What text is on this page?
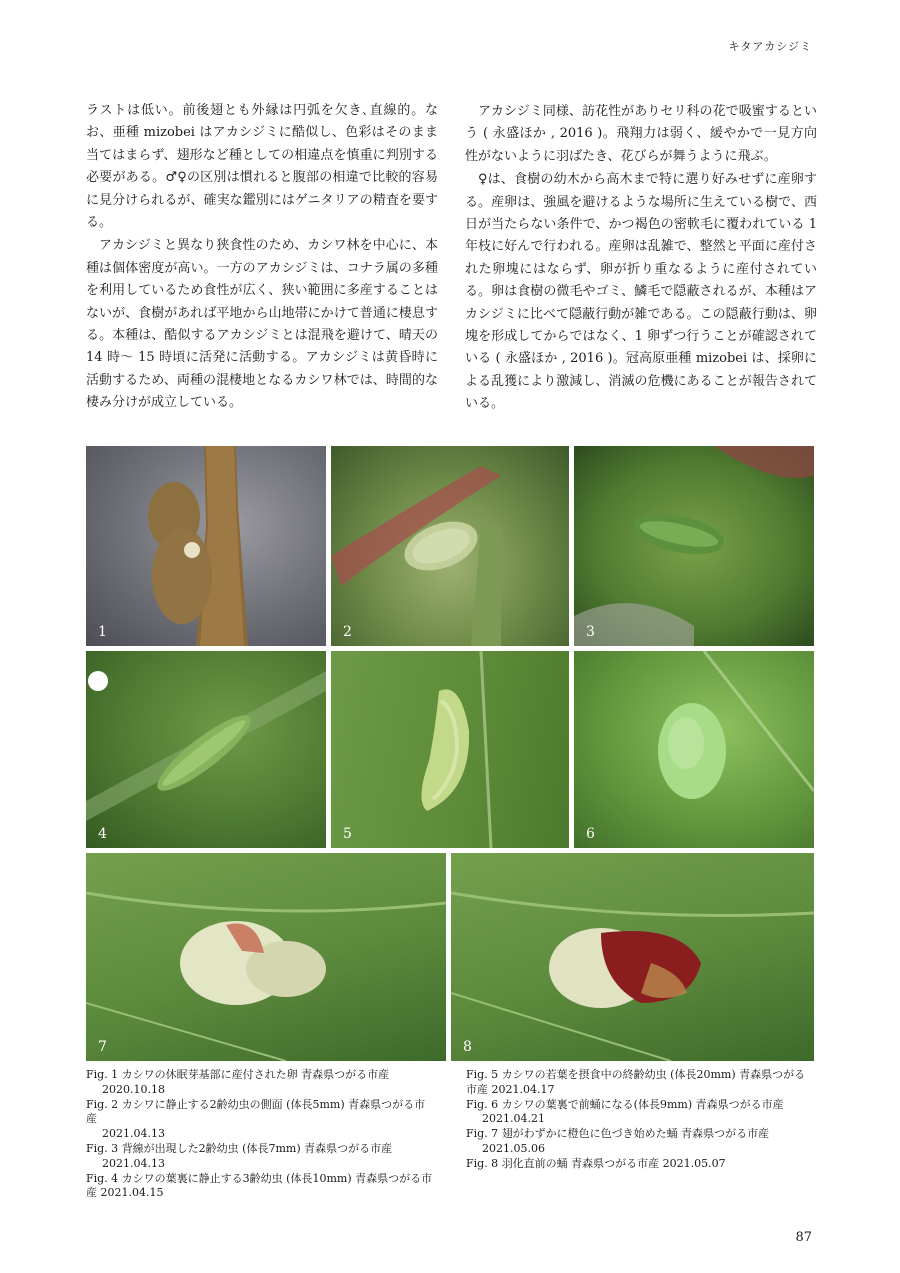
キタアカシジミ

ラストは低い。前後翅とも外縁は円弧を欠き､直線的。なお、亜種 mizobei はアカシジミに酷似し、色彩はそのまま当てはまらず、翅形など種としての相違点を慎重に判別する必要がある。♂♀の区別は慣れると腹部の相違で比較的容易に見分けられるが、確実な鑑別にはゲニタリアの精査を要する。

アカシジミと異なり狭食性のため、カシワ林を中心に、本種は個体密度が高い。一方のアカシジミは、コナラ属の多種を利用しているため食性が広く、狭い範囲に多産することはないが、食樹があれば平地から山地帯にかけて普通に棲息する。本種は、酷似するアカシジミとは混飛を避けて、晴天の 14 時～ 15 時頃に活発に活動する。アカシジミは黄昏時に活動するため、両種の混棲地となるカシワ林では、時間的な棲み分けが成立している。

アカシジミ同様、訪花性がありセリ科の花で吸蜜するという ( 永盛ほか , 2016 )。飛翔力は弱く、緩やかで一見方向性がないように羽ばたき、花びらが舞うように飛ぶ。

♀は、食樹の幼木から高木まで特に選り好みせずに産卵する。産卵は、強風を避けるような場所に生えている樹で、西日が当たらない条件で、かつ褐色の密軟毛に覆われている 1 年枝に好んで行われる。産卵は乱雑で、整然と平面に産付された卵塊にはならず、卵が折り重なるように産付されている。卵は食樹の微毛やゴミ、鱗毛で隠蔽されるが、本種はアカシジミに比べて隠蔽行動が雑である。この隠蔽行動は、卵塊を形成してからではなく、1 卵ずつ行うことが確認されている ( 永盛ほか , 2016 )。冠高原亜種 mizobei は、採卵による乱獲により激減し、消滅の危機にあることが報告されている。

1	2	3
4	5	6
7	8
Fig. 1 カシワの休眠芽基部に産付された卵 青森県つがる市産
2020.10.18
Fig. 2 カシワに静止する2齢幼虫の側面 (体長5mm) 青森県つがる市産
2021.04.13
Fig. 3 背線が出現した2齢幼虫 (体長7mm) 青森県つがる市産
2021.04.13
Fig. 4 カシワの葉裏に静止する3齢幼虫 (体長10mm) 青森県つがる市産 2021.04.15
Fig. 5 カシワの若葉を摂食中の終齢幼虫 (体長20mm) 青森県つがる市産 2021.04.17
Fig. 6 カシワの葉裏で前蛹になる(体長9mm) 青森県つがる市産
2021.04.21
Fig. 7 翅がわずかに橙色に色づき始めた蛹 青森県つがる市産
2021.05.06
Fig. 8 羽化直前の蛹 青森県つがる市産 2021.05.07
87
